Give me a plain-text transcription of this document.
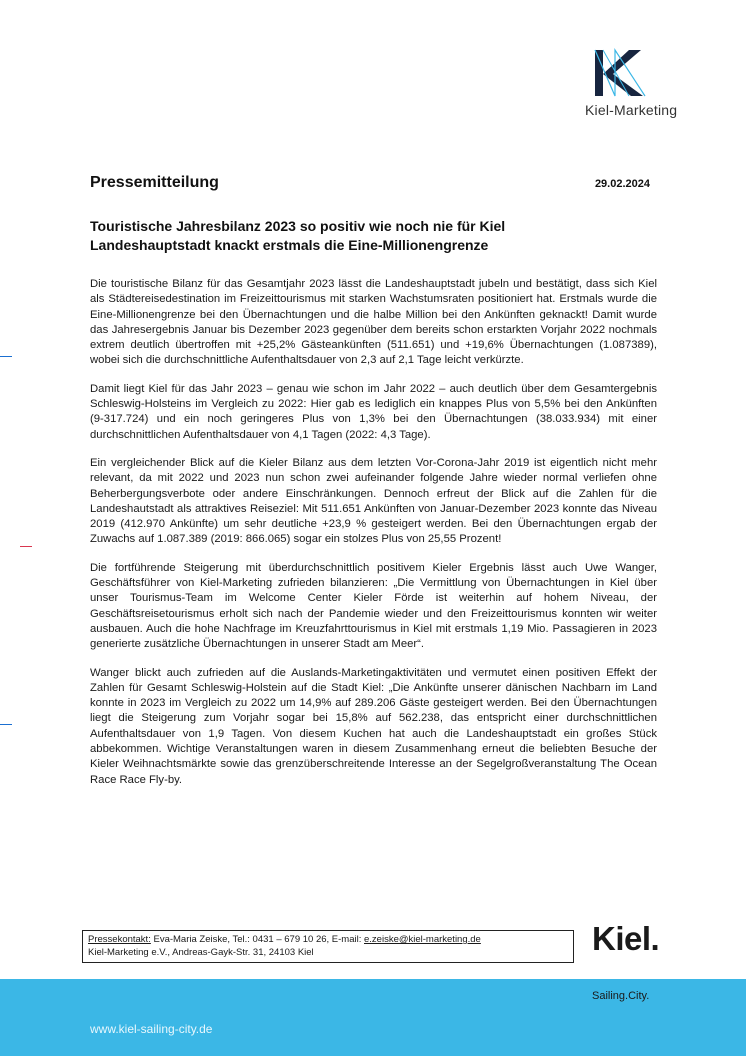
Kiel-Marketing
Pressemitteilung	29.02.2024
Touristische Jahresbilanz 2023 so positiv wie noch nie für Kiel
Landeshauptstadt knackt erstmals die Eine-Millionengrenze

Die touristische Bilanz für das Gesamtjahr 2023 lässt die Landeshauptstadt jubeln und bestätigt, dass sich Kiel als Städtereisedestination im Freizeittourismus mit starken Wachstumsraten positioniert hat. Erstmals wurde die Eine-Millionengrenze bei den Übernachtungen und die halbe Million bei den Ankünften geknackt! Damit wurde das Jahresergebnis Januar bis Dezember 2023 gegenüber dem bereits schon erstarkten Vorjahr 2022 nochmals extrem deutlich übertroffen mit +25,2% Gästeankünften (511.651) und +19,6% Übernachtungen (1.087389), wobei sich die durchschnittliche Aufenthaltsdauer von 2,3 auf 2,1 Tage leicht verkürzte.

Damit liegt Kiel für das Jahr 2023 – genau wie schon im Jahr 2022 – auch deutlich über dem Gesamtergebnis Schleswig-Holsteins im Vergleich zu 2022: Hier gab es lediglich ein knappes Plus von 5,5% bei den Ankünften (9-317.724) und ein noch geringeres Plus von 1,3% bei den Übernachtungen (38.033.934) mit einer durchschnittlichen Aufenthaltsdauer von 4,1 Tagen (2022: 4,3 Tage).

Ein vergleichender Blick auf die Kieler Bilanz aus dem letzten Vor-Corona-Jahr 2019 ist eigentlich nicht mehr relevant, da mit 2022 und 2023 nun schon zwei aufeinander folgende Jahre wieder normal verliefen ohne Beherbergungsverbote oder andere Einschränkungen. Dennoch erfreut der Blick auf die Zahlen für die Landeshautstadt als attraktives Reiseziel: Mit 511.651 Ankünften von Januar-Dezember 2023 konnte das Niveau 2019 (412.970 Ankünfte) um sehr deutliche +23,9 % gesteigert werden. Bei den Übernachtungen ergab der Zuwachs auf 1.087.389 (2019: 866.065) sogar ein stolzes Plus von 25,55 Prozent!

Die fortführende Steigerung mit überdurchschnittlich positivem Kieler Ergebnis lässt auch Uwe Wanger, Geschäftsführer von Kiel-Marketing zufrieden bilanzieren: „Die Vermittlung von Übernachtungen in Kiel über unser Tourismus-Team im Welcome Center Kieler Förde ist weiterhin auf hohem Niveau, der Geschäftsreisetourismus erholt sich nach der Pandemie wieder und den Freizeittourismus konnten wir weiter ausbauen. Auch die hohe Nachfrage im Kreuzfahrttourismus in Kiel mit erstmals 1,19 Mio. Passagieren in 2023 generierte zusätzliche Übernachtungen in unserer Stadt am Meer“.

Wanger blickt auch zufrieden auf die Auslands-Marketingaktivitäten und vermutet einen positiven Effekt der Zahlen für Gesamt Schleswig-Holstein auf die Stadt Kiel: „Die Ankünfte unserer dänischen Nachbarn im Land konnte in 2023 im Vergleich zu 2022 um 14,9% auf 289.206 Gäste gesteigert werden. Bei den Übernachtungen liegt die Steigerung zum Vorjahr sogar bei 15,8% auf 562.238, das entspricht einer durchschnittlichen Aufenthaltsdauer von 1,9 Tagen. Von diesem Kuchen hat auch die Landeshauptstadt ein großes Stück abbekommen. Wichtige Veranstaltungen waren in diesem Zusammenhang erneut die beliebten Besuche der Kieler Weihnachtsmärkte sowie das grenzüberschreitende Interesse an der Segelgroßveranstaltung The Ocean Race Race Fly-by.

Pressekontakt: Eva-Maria Zeiske, Tel.: 0431 – 679 10 26, E-mail: e.zeiske@kiel-marketing.de
Kiel-Marketing e.V., Andreas-Gayk-Str. 31, 24103 Kiel
www.kiel-sailing-city.de
Kiel.
Kiel.
Sailing.City.
